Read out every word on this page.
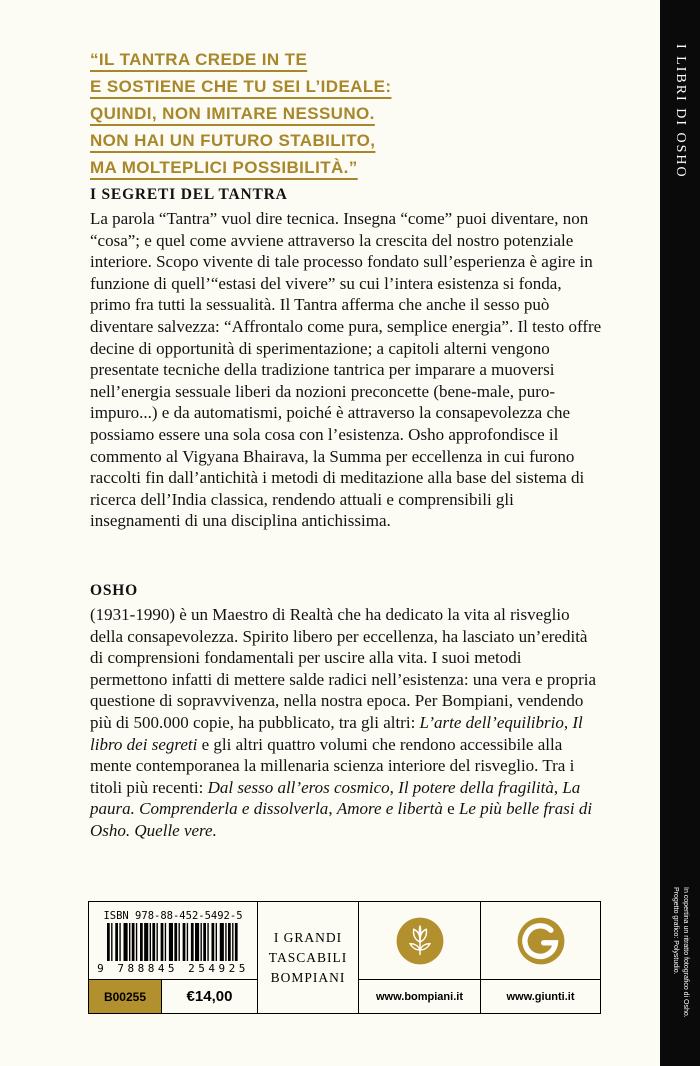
“IL TANTRA CREDE IN TE
E SOSTIENE CHE TU SEI L’IDEALE:
QUINDI, NON IMITARE NESSUNO.
NON HAI UN FUTURO STABILITO,
MA MOLTEPLICI POSSIBILITÀ.”
I SEGRETI DEL TANTRA

La parola “Tantra” vuol dire tecnica. Insegna “come” puoi diventare, non “cosa”; e quel come avviene attraverso la crescita del nostro potenziale interiore. Scopo vivente di tale processo fondato sull’esperienza è agire in funzione di quell’“estasi del vivere” su cui l’intera esistenza si fonda, primo fra tutti la sessualità. Il Tantra afferma che anche il sesso può diventare salvezza: “Affrontalo come pura, semplice energia”. Il testo offre decine di opportunità di sperimentazione; a capitoli alterni vengono presentate tecniche della tradizione tantrica per imparare a muoversi nell’energia sessuale liberi da nozioni preconcette (bene-male, puro-impuro...) e da automatismi, poiché è attraverso la consapevolezza che possiamo essere una sola cosa con l’esistenza. Osho approfondisce il commento al Vigyana Bhairava, la Summa per eccellenza in cui furono raccolti fin dall’antichità i metodi di meditazione alla base del sistema di ricerca dell’India classica, rendendo attuali e comprensibili gli insegnamenti di una disciplina antichissima.

OSHO

(1931-1990) è un Maestro di Realtà che ha dedicato la vita al risveglio della consapevolezza. Spirito libero per eccellenza, ha lasciato un’eredità di comprensioni fondamentali per uscire alla vita. I suoi metodi permettono infatti di mettere salde radici nell’esistenza: una vera e propria questione di sopravvivenza, nella nostra epoca. Per Bompiani, vendendo più di 500.000 copie, ha pubblicato, tra gli altri: L’arte dell’equilibrio, Il libro dei segreti e gli altri quattro volumi che rendono accessibile alla mente contemporanea la millenaria scienza interiore del risveglio. Tra i titoli più recenti: Dal sesso all’eros cosmico, Il potere della fragilità, La paura. Comprenderla e dissolverla, Amore e libertà e Le più belle frasi di Osho. Quelle vere.

ISBN 978-88-452-5492-5
9 788845 254925
B00255	€14,00
I GRANDI
TASCABILI
BOMPIANI
www.bompiani.it	www.giunti.it
I LIBRI DI OSHO
In copertina un ritratto fotografico di Osho.
Progetto grafico: Polystudio.
